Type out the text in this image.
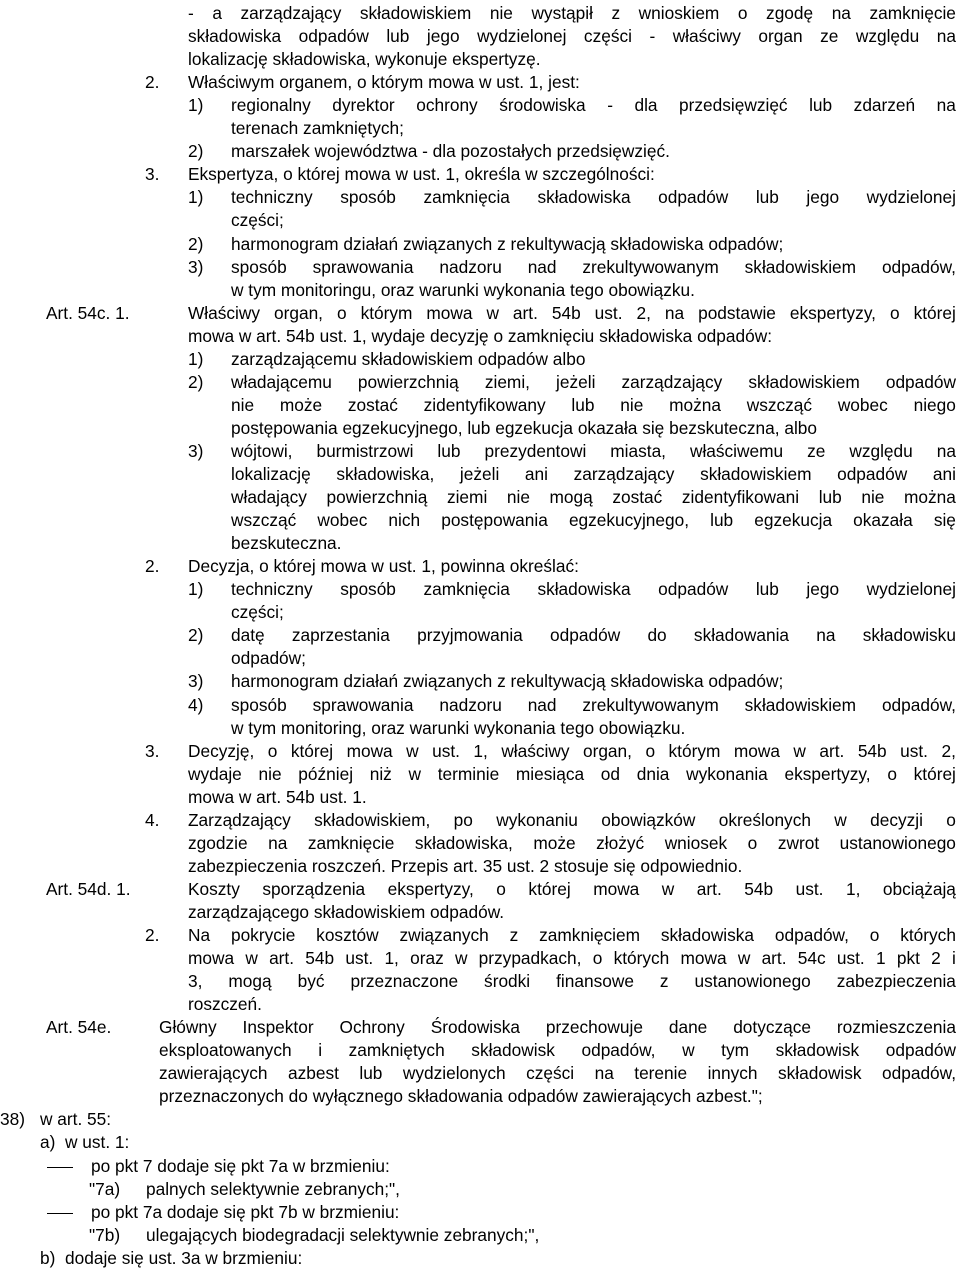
- a zarządzający składowiskiem nie wystąpił z wnioskiem o zgodę na zamknięcie
składowiska odpadów lub jego wydzielonej części - właściwy organ ze względu na
lokalizację składowiska, wykonuje ekspertyzę.
2. Właściwym organem, o którym mowa w ust. 1, jest:
1) regionalny dyrektor ochrony środowiska - dla przedsięwzięć lub zdarzeń na
terenach zamkniętych;
2) marszałek województwa - dla pozostałych przedsięwzięć.
3. Ekspertyza, o której mowa w ust. 1, określa w szczególności:
1) techniczny sposób zamknięcia składowiska odpadów lub jego wydzielonej
części;
2) harmonogram działań związanych z rekultywacją składowiska odpadów;
3) sposób sprawowania nadzoru nad zrekultywowanym składowiskiem odpadów,
w tym monitoringu, oraz warunki wykonania tego obowiązku.
Art. 54c. 1.	Właściwy organ, o którym mowa w art. 54b ust. 2, na podstawie ekspertyzy, o której
mowa w art. 54b ust. 1, wydaje decyzję o zamknięciu składowiska odpadów:
1) zarządzającemu składowiskiem odpadów albo
2) władającemu powierzchnią ziemi, jeżeli zarządzający składowiskiem odpadów
nie może zostać zidentyfikowany lub nie można wszcząć wobec niego
postępowania egzekucyjnego, lub egzekucja okazała się bezskuteczna, albo
3) wójtowi, burmistrzowi lub prezydentowi miasta, właściwemu ze względu na
lokalizację składowiska, jeżeli ani zarządzający składowiskiem odpadów ani
władający powierzchnią ziemi nie mogą zostać zidentyfikowani lub nie można
wszcząć wobec nich postępowania egzekucyjnego, lub egzekucja okazała się
bezskuteczna.
2. Decyzja, o której mowa w ust. 1, powinna określać:
1) techniczny sposób zamknięcia składowiska odpadów lub jego wydzielonej
części;
2) datę zaprzestania przyjmowania odpadów do składowania na składowisku
odpadów;
3) harmonogram działań związanych z rekultywacją składowiska odpadów;
4) sposób sprawowania nadzoru nad zrekultywowanym składowiskiem odpadów,
w tym monitoring, oraz warunki wykonania tego obowiązku.
3. Decyzję, o której mowa w ust. 1, właściwy organ, o którym mowa w art. 54b ust. 2,
wydaje nie później niż w terminie miesiąca od dnia wykonania ekspertyzy, o której
mowa w art. 54b ust. 1.
4. Zarządzający składowiskiem, po wykonaniu obowiązków określonych w decyzji o
zgodzie na zamknięcie składowiska, może złożyć wniosek o zwrot ustanowionego
zabezpieczenia roszczeń. Przepis art. 35 ust. 2 stosuje się odpowiednio.
Art. 54d. 1.	Koszty sporządzenia ekspertyzy, o której mowa w art. 54b ust. 1, obciążają
zarządzającego składowiskiem odpadów.
2. Na pokrycie kosztów związanych z zamknięciem składowiska odpadów, o których
mowa w art. 54b ust. 1, oraz w przypadkach, o których mowa w art. 54c ust. 1 pkt 2 i
3, mogą być przeznaczone środki finansowe z ustanowionego zabezpieczenia
roszczeń.
Art. 54e.	Główny Inspektor Ochrony Środowiska przechowuje dane dotyczące rozmieszczenia
eksploatowanych i zamkniętych składowisk odpadów, w tym składowisk odpadów
zawierających azbest lub wydzielonych części na terenie innych składowisk odpadów,
przeznaczonych do wyłącznego składowania odpadów zawierających azbest.";
38) w art. 55:
a) w ust. 1:
po pkt 7 dodaje się pkt 7a w brzmieniu:
"7a) palnych selektywnie zebranych;",
po pkt 7a dodaje się pkt 7b w brzmieniu:
"7b) ulegających biodegradacji selektywnie zebranych;",
b) dodaje się ust. 3a w brzmieniu:
